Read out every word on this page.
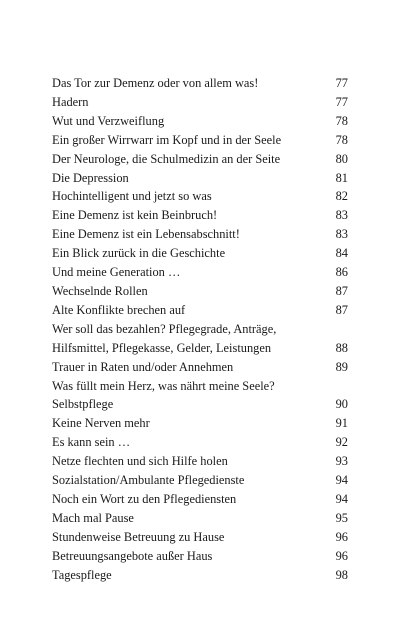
Das Tor zur Demenz oder von allem was!	77
Hadern	77
Wut und Verzweiflung	78
Ein großer Wirrwarr im Kopf und in der Seele	78
Der Neurologe, die Schulmedizin an der Seite	80
Die Depression	81
Hochintelligent und jetzt so was	82
Eine Demenz ist kein Beinbruch!	83
Eine Demenz ist ein Lebensabschnitt!	83
Ein Blick zurück in die Geschichte	84
Und meine Generation …	86
Wechselnde Rollen	87
Alte Konflikte brechen auf	87
Wer soll das bezahlen? Pflegegrade, Anträge,
Hilfsmittel, Pflegekasse, Gelder, Leistungen	88
Trauer in Raten und/oder Annehmen	89
Was füllt mein Herz, was nährt meine Seele? Selbstpflege	90
Keine Nerven mehr	91
Es kann sein …	92
Netze flechten und sich Hilfe holen	93
Sozialstation/Ambulante Pflegedienste	94
Noch ein Wort zu den Pflegediensten	94
Mach mal Pause	95
Stundenweise Betreuung zu Hause	96
Betreuungsangebote außer Haus	96
Tagespflege	98
